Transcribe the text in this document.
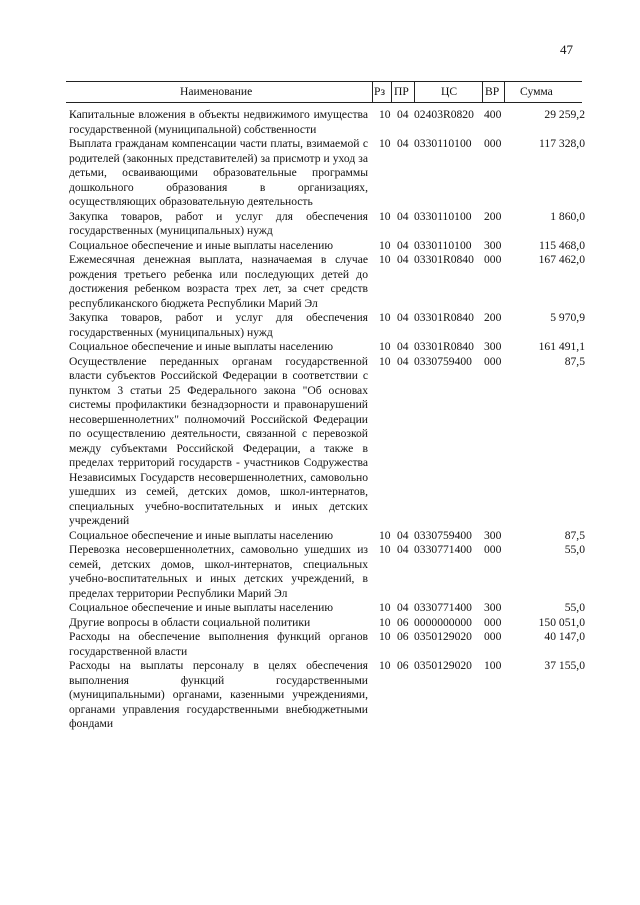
47
Наименование	Рз ПР	ЦС ВР Сумма
Капитальные вложения в объекты недвижимого имущества государственной (муниципальной) собственности
10 04 02403R0820 400	29 259,2
Выплата гражданам компенсации части платы, взимаемой с родителей (законных представителей) за присмотр и уход за детьми, осваивающими образовательные программы дошкольного образования в организациях, осуществляющих образовательную деятельность
10 04 0330110100 000	117 328,0
Закупка товаров, работ и услуг для обеспечения государственных (муниципальных) нужд
10 04 0330110100 200	1 860,0
Социальное обеспечение и иные выплаты населению	10 04 0330110100 300	115 468,0
Ежемесячная денежная выплата, назначаемая в случае рождения третьего ребенка или последующих детей до достижения ребенком возраста трех лет, за счет средств республиканского бюджета Республики Марий Эл
10 04 03301R0840 000	167 462,0
Закупка товаров, работ и услуг для обеспечения государственных (муниципальных) нужд
10 04 03301R0840 200	5 970,9
Социальное обеспечение и иные выплаты населению	10 04 03301R0840 300	161 491,1
Осуществление переданных органам государственной власти субъектов Российской Федерации в соответствии с пунктом 3 статьи 25 Федерального закона "Об основах системы профилактики безнадзорности и правонарушений несовершеннолетних" полномочий Российской Федерации по осуществлению деятельности, связанной с перевозкой между субъектами Российской Федерации, а также в пределах территорий государств - участников Содружества Независимых Государств несовершеннолетних, самовольно ушедших из семей, детских домов, школ-интернатов, специальных учебно-воспитательных и иных детских учреждений
10 04 0330759400 000	87,5
Социальное обеспечение и иные выплаты населению	10 04 0330759400 300	87,5
Перевозка несовершеннолетних, самовольно ушедших из семей, детских домов, школ-интернатов, специальных учебно-воспитательных и иных детских учреждений, в пределах территории Республики Марий Эл
10 04 0330771400 000	55,0
Социальное обеспечение и иные выплаты населению	10 04 0330771400 300	55,0
Другие вопросы в области социальной политики	10 06 0000000000 000	150 051,0
Расходы на обеспечение выполнения функций органов государственной власти
10 06 0350129020 000	40 147,0
Расходы на выплаты персоналу в целях обеспечения выполнения функций государственными (муниципальными) органами, казенными учреждениями, органами управления государственными внебюджетными фондами
10 06 0350129020 100	37 155,0
